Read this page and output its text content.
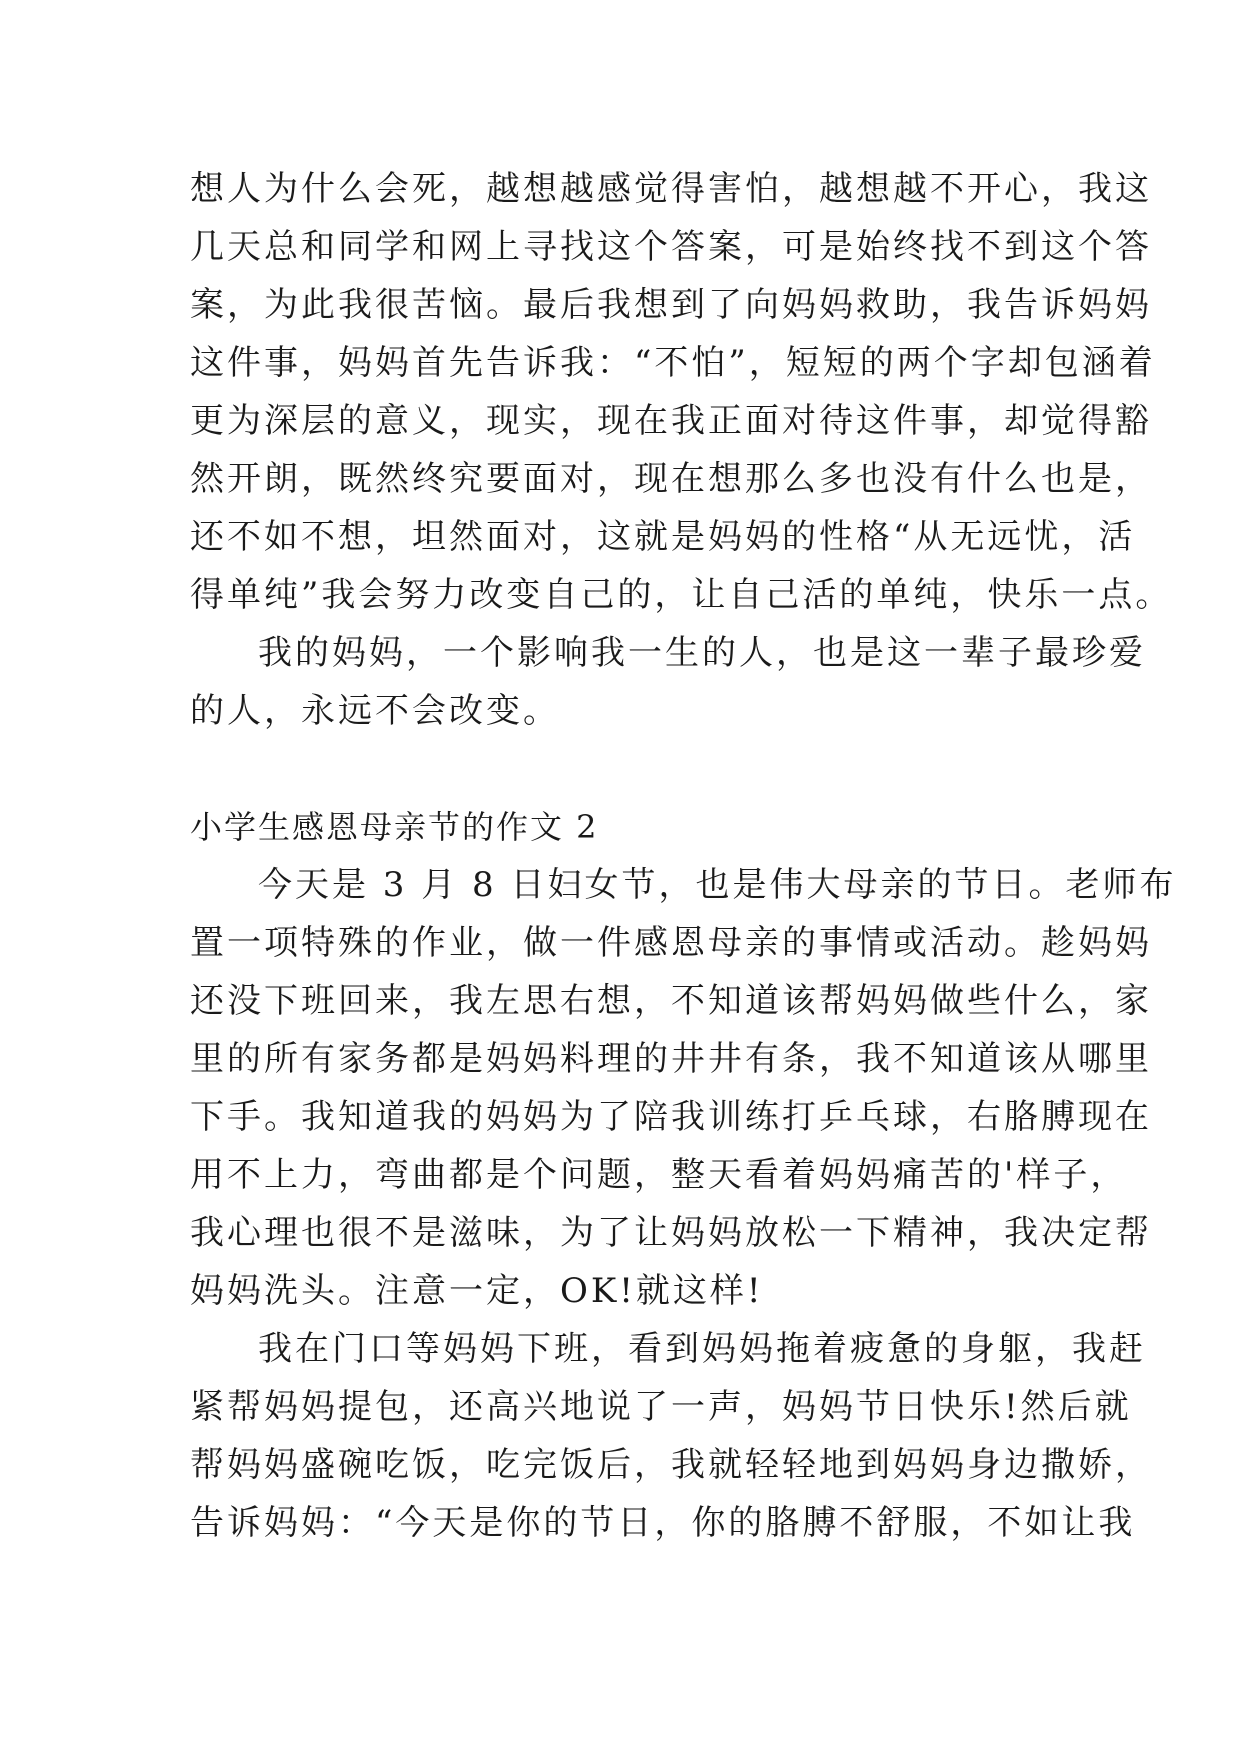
想人为什么会死，越想越感觉得害怕，越想越不开心，我这
几天总和同学和网上寻找这个答案，可是始终找不到这个答
案，为此我很苦恼。最后我想到了向妈妈救助，我告诉妈妈
这件事，妈妈首先告诉我：“不怕”，短短的两个字却包涵着
更为深层的意义，现实，现在我正面对待这件事，却觉得豁
然开朗，既然终究要面对，现在想那么多也没有什么也是，
还不如不想，坦然面对，这就是妈妈的性格“从无远忧，活
得单纯”我会努力改变自己的，让自己活的单纯，快乐一点。
我的妈妈，一个影响我一生的人，也是这一辈子最珍爱
的人，永远不会改变。
小学生感恩母亲节的作文 2
今天是 3 月 8 日妇女节，也是伟大母亲的节日。老师布
置一项特殊的作业，做一件感恩母亲的事情或活动。趁妈妈
还没下班回来，我左思右想，不知道该帮妈妈做些什么，家
里的所有家务都是妈妈料理的井井有条，我不知道该从哪里
下手。我知道我的妈妈为了陪我训练打乒乓球，右胳膊现在
用不上力，弯曲都是个问题，整天看着妈妈痛苦的'样子，
我心理也很不是滋味，为了让妈妈放松一下精神，我决定帮
妈妈洗头。注意一定，OK!就这样!
我在门口等妈妈下班，看到妈妈拖着疲惫的身躯，我赶
紧帮妈妈提包，还高兴地说了一声，妈妈节日快乐!然后就
帮妈妈盛碗吃饭，吃完饭后，我就轻轻地到妈妈身边撒娇，
告诉妈妈：“今天是你的节日，你的胳膊不舒服，不如让我
